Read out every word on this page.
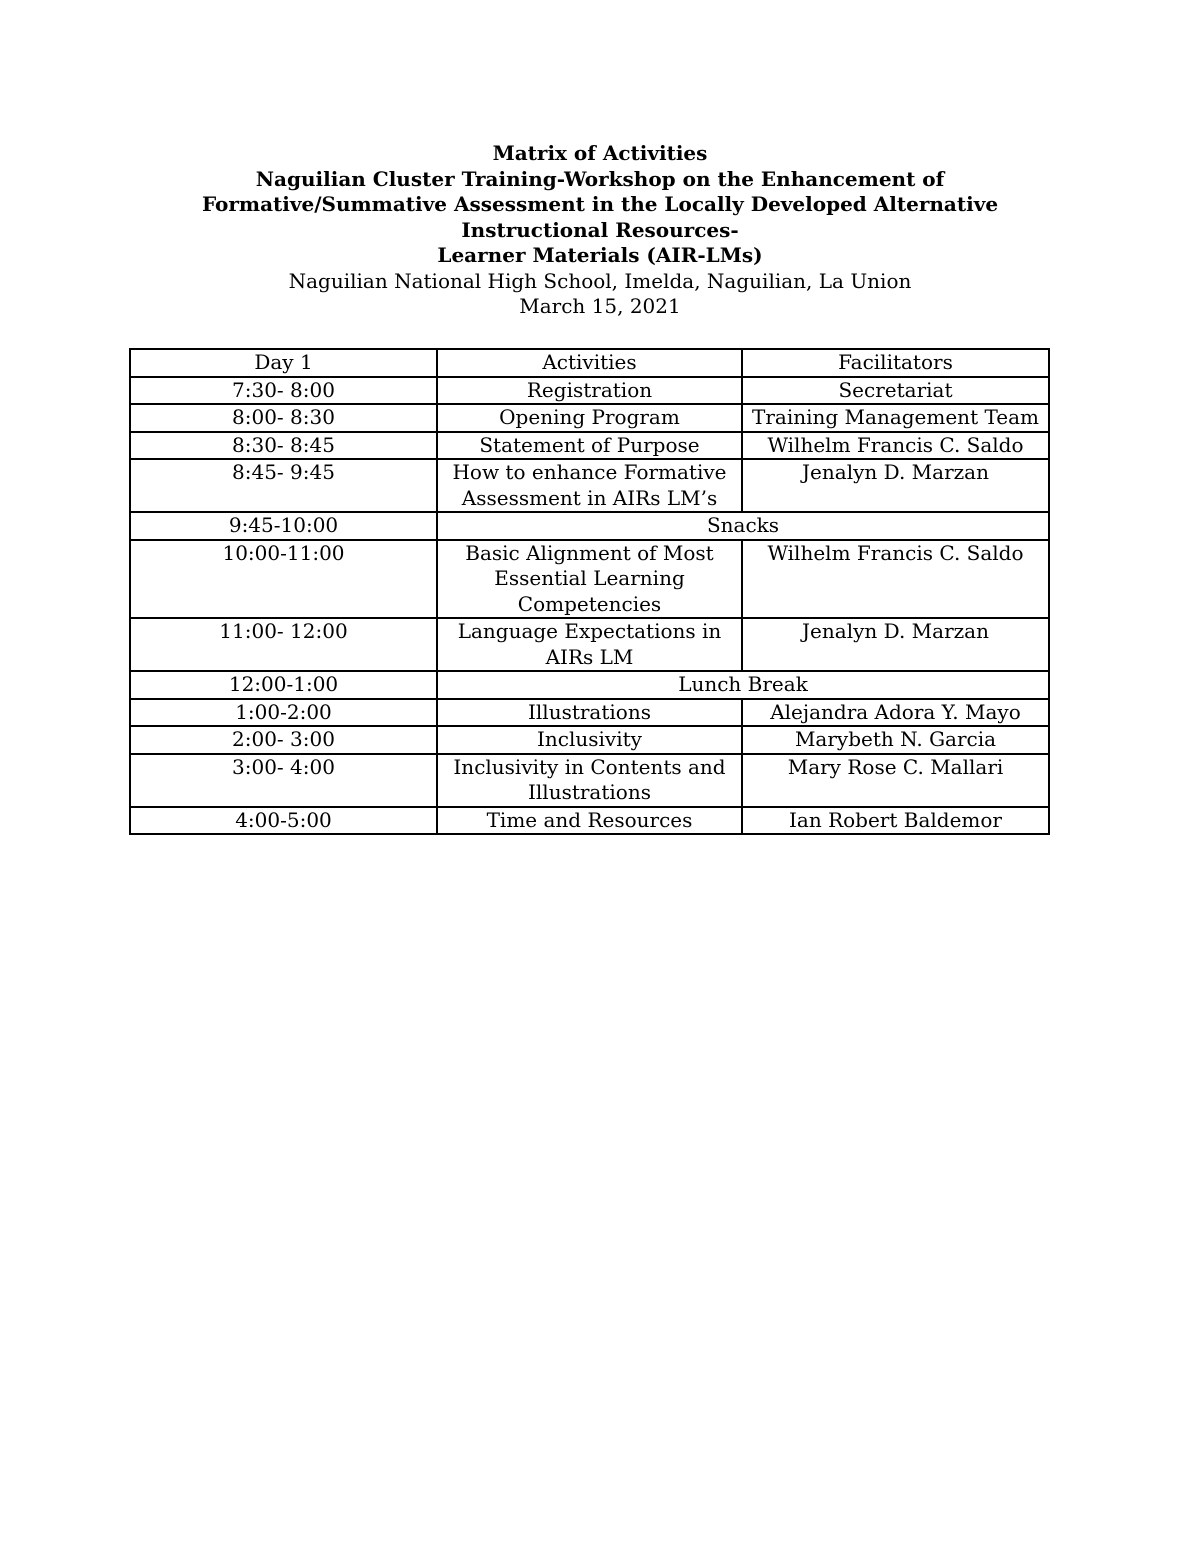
Matrix of Activities
Naguilian Cluster Training-Workshop on the Enhancement of
Formative/Summative Assessment in the Locally Developed Alternative
Instructional Resources-
Learner Materials (AIR-LMs)
Naguilian National High School, Imelda, Naguilian, La Union
March 15, 2021
Day 1	Activities	Facilitators
7:30- 8:00	Registration	Secretariat
8:00- 8:30	Opening Program	Training Management Team
8:30- 8:45	Statement of Purpose	Wilhelm Francis C. Saldo
8:45- 9:45	How to enhance Formative Assessment in AIRs LM’s	Jenalyn D. Marzan
9:45-10:00	Snacks	
10:00-11:00	Basic Alignment of Most Essential Learning Competencies	Wilhelm Francis C. Saldo
11:00- 12:00	Language Expectations in AIRs LM	Jenalyn D. Marzan
12:00-1:00	Lunch Break	
1:00-2:00	Illustrations	Alejandra Adora Y. Mayo
2:00- 3:00	Inclusivity	Marybeth N. Garcia
3:00- 4:00	Inclusivity in Contents and Illustrations	Mary Rose C. Mallari
4:00-5:00	Time and Resources	Ian Robert Baldemor
